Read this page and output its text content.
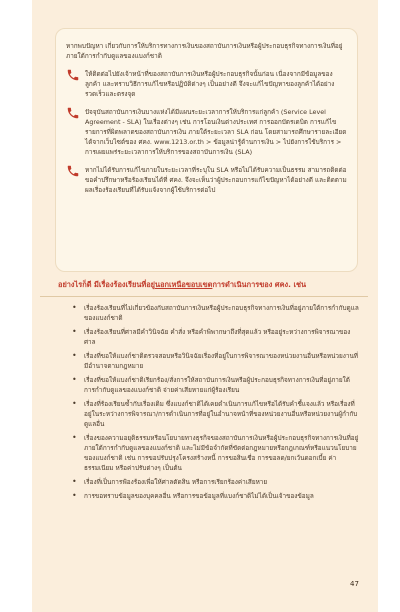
หากพบปัญหา เกี่ยวกับการให้บริการทางการเงินของสถาบันการเงินหรือผู้ประกอบธุรกิจทางการเงินที่อยู่ภายใต้การกำกับดูแลของแบงก์ชาติ

ให้ติดต่อไปยังเจ้าหน้าที่ของสถาบันการเงินหรือผู้ประกอบธุรกิจนั้นก่อน เนื่องจากมีข้อมูลของลูกค้า และทราบวิธีการแก้ไขหรือปฏิบัติต่างๆ เป็นอย่างดี จึงจะแก้ไขปัญหาของลูกค้าได้อย่างรวดเร็วและตรงจุด

ปัจจุบันสถาบันการเงินบางแห่งได้มีแผนระยะเวลาการให้บริการแก่ลูกค้า (Service Level Agreement - SLA) ในเรื่องต่างๆ เช่น การโอนเงินต่างประเทศ การออกบัตรเดบิต การแก้ไขรายการที่ผิดพลาดของสถาบันการเงิน ภายใต้ระยะเวลา SLA ก่อน โดยสามารถศึกษารายละเอียดได้จากเว็บไซต์ของ ศคง. www.1213.or.th > ข้อมูลน่ารู้ด้านการเงิน > ไปยังการใช้บริการ > การเผยแพร่ระยะเวลาการให้บริการของสถาบันการเงิน (SLA)

หากไม่ได้รับการแก้ไขภายในระยะเวลาที่ระบุใน SLA หรือไม่ได้รับความเป็นธรรม สามารถติดต่อขอคำปรึกษาหรือร้องเรียนได้ที่ ศคง. จึงจะเห็นว่าผู้ประกอบการแก้ไขปัญหาได้อย่างดี และติดตามผลเรื่องร้องเรียนที่ได้รับแจ้งจากผู้ใช้บริการต่อไป

อย่างไรก็ดี มีเรื่องร้องเรียนที่อยู่นอกเหนือขอบเขตการดำเนินการของ ศคง. เช่น
• เรื่องร้องเรียนที่ไม่เกี่ยวข้องกับสถาบันการเงินหรือผู้ประกอบธุรกิจทางการเงินที่อยู่ภายใต้การกำกับดูแลของแบงก์ชาติ
• เรื่องร้องเรียนที่ศาลมีคำวินิจฉัย คำสั่ง หรือคำพิพากษาถึงที่สุดแล้ว หรืออยู่ระหว่างการพิจารณาของศาล
• เรื่องที่ขอให้แบงก์ชาติตรวจสอบหรือวินิจฉัยเรื่องที่อยู่ในการพิจารณาของหน่วยงานอื่นหรือหน่วยงานที่มีอำนาจตามกฎหมาย
• เรื่องที่ขอให้แบงก์ชาติเรียกร้อง/สั่งการให้สถาบันการเงินหรือผู้ประกอบธุรกิจทางการเงินที่อยู่ภายใต้การกำกับดูแลของแบงก์ชาติ จ่ายค่าเสียหายแก่ผู้ร้องเรียน
• เรื่องที่ร้องเรียนซ้ำกับเรื่องเดิม ซึ่งแบงก์ชาติได้เคยดำเนินการแก้ไขหรือได้รับคำชี้แจงแล้ว หรือเรื่องที่อยู่ในระหว่างการพิจารณา/การดำเนินการที่อยู่ในอำนาจหน้าที่ของหน่วยงานอื่นหรือหน่วยงานผู้กำกับดูแลอื่น
• เรื่องของความอยุติธรรมหรือนโยบายทางธุรกิจของสถาบันการเงินหรือผู้ประกอบธุรกิจทางการเงินที่อยู่ภายใต้การกำกับดูแลของแบงก์ชาติ และไม่มีข้อจำกัดที่ขัดต่อกฎหมายหรือกฎเกณฑ์หรือแนวนโยบายของแบงก์ชาติ เช่น การขอปรับปรุงโครงสร้างหนี้ การขอสินเชื่อ การขอลด/ยกเว้นดอกเบี้ย ค่าธรรมเนียม หรือค่าปรับต่างๆ เป็นต้น
• เรื่องที่เป็นการฟ้องร้องเพื่อให้ศาลตัดสิน หรือการเรียกร้องค่าเสียหาย
• การขอทราบข้อมูลของบุคคลอื่น หรือการขอข้อมูลที่แบงก์ชาติไม่ได้เป็นเจ้าของข้อมูล
47
